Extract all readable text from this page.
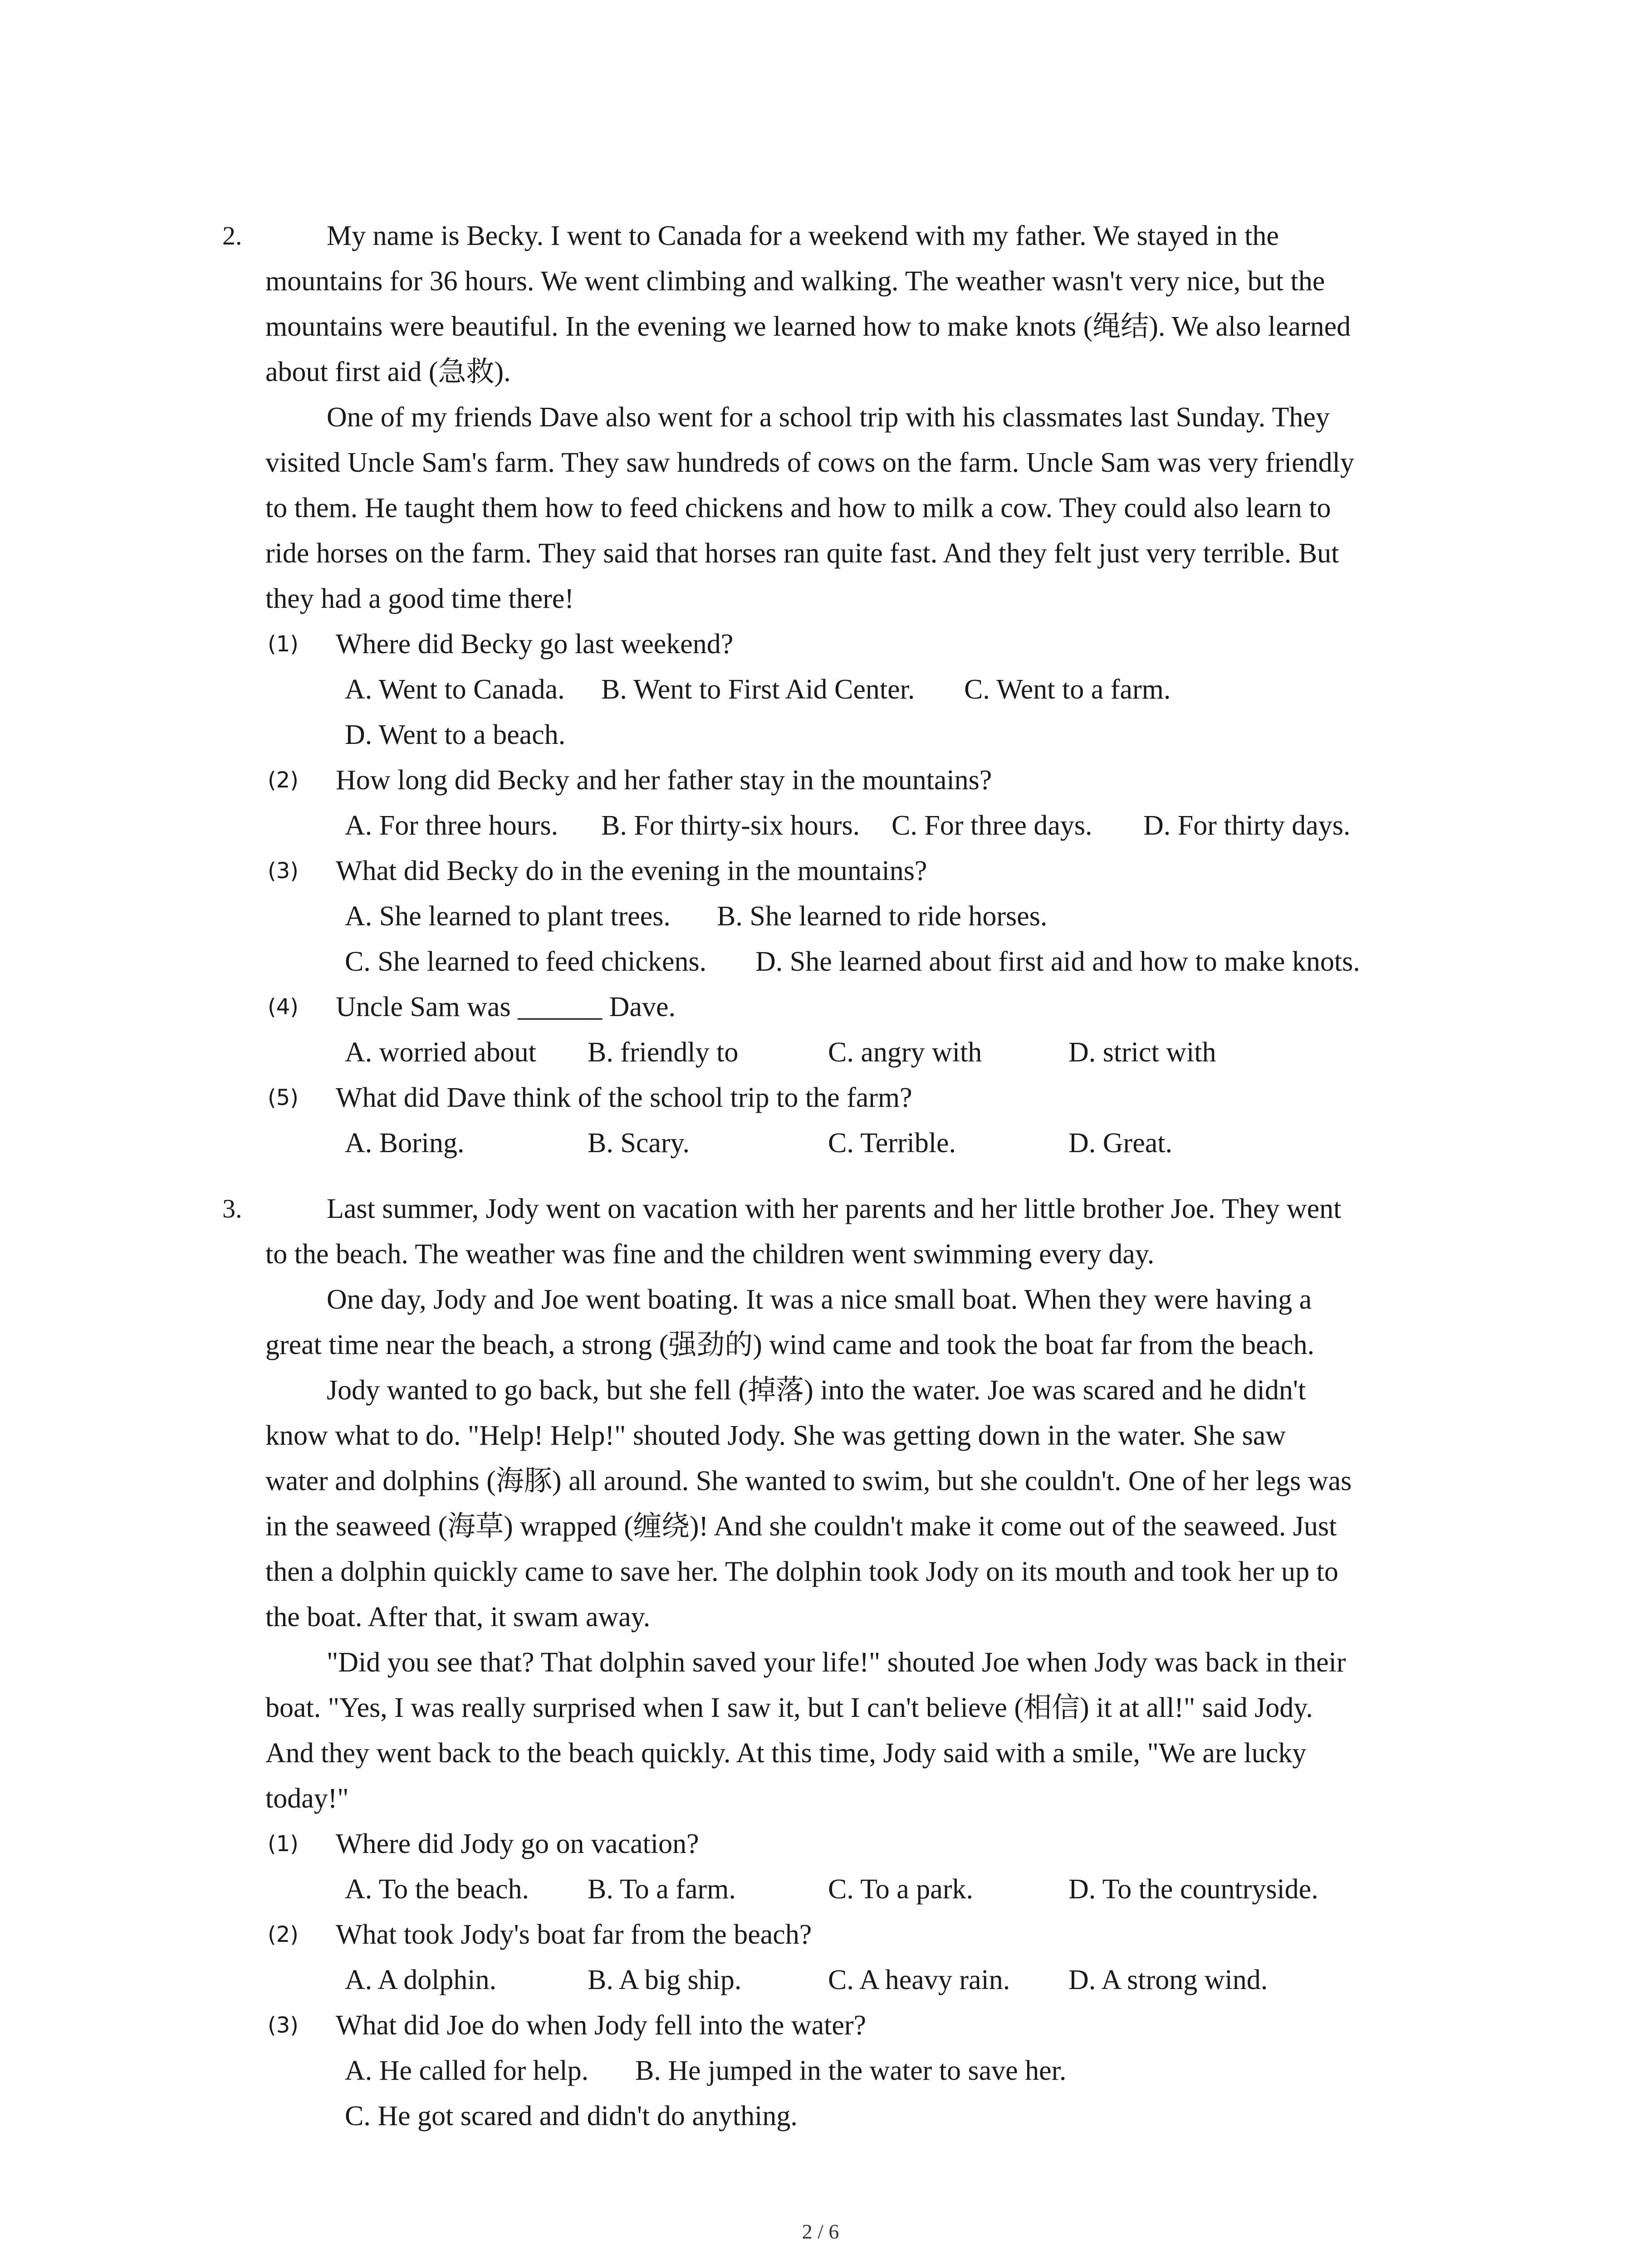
2.	My name is Becky. I went to Canada for a weekend with my father. We stayed in the
mountains for 36 hours. We went climbing and walking. The weather wasn't very nice, but the
mountains were beautiful. In the evening we learned how to make knots (绳结). We also learned
about first aid (急救).
One of my friends Dave also went for a school trip with his classmates last Sunday. They
visited Uncle Sam's farm. They saw hundreds of cows on the farm. Uncle Sam was very friendly
to them. He taught them how to feed chickens and how to milk a cow. They could also learn to
ride horses on the farm. They said that horses ran quite fast. And they felt just very terrible. But
they had a good time there!
(1) Where did Becky go last weekend?
A. Went to Canada. B. Went to First Aid Center. C. Went to a farm.
D. Went to a beach.
(2) How long did Becky and her father stay in the mountains?
A. For three hours. B. For thirty-six hours. C. For three days. D. For thirty days.
(3) What did Becky do in the evening in the mountains?
A. She learned to plant trees. B. She learned to ride horses.
C. She learned to feed chickens. D. She learned about first aid and how to make knots.
(4) Uncle Sam was ______ Dave.
A. worried about B. friendly to	C. angry with	D. strict with
(5) What did Dave think of the school trip to the farm?
A. Boring.	B. Scary.	C. Terrible.	D. Great.
3.	Last summer, Jody went on vacation with her parents and her little brother Joe. They went
to the beach. The weather was fine and the children went swimming every day.
One day, Jody and Joe went boating. It was a nice small boat. When they were having a
great time near the beach, a strong (强劲的) wind came and took the boat far from the beach.
Jody wanted to go back, but she fell (掉落) into the water. Joe was scared and he didn't
know what to do. "Help! Help!" shouted Jody. She was getting down in the water. She saw
water and dolphins (海豚) all around. She wanted to swim, but she couldn't. One of her legs was
in the seaweed (海草) wrapped (缠绕)! And she couldn't make it come out of the seaweed. Just
then a dolphin quickly came to save her. The dolphin took Jody on its mouth and took her up to
the boat. After that, it swam away.
"Did you see that? That dolphin saved your life!" shouted Joe when Jody was back in their
boat. "Yes, I was really surprised when I saw it, but I can't believe (相信) it at all!" said Jody.
And they went back to the beach quickly. At this time, Jody said with a smile, "We are lucky
today!"
(1) Where did Jody go on vacation?
A. To the beach. B. To a farm.	C. To a park.	D. To the countryside.
(2) What took Jody's boat far from the beach?
A. A dolphin.	B. A big ship.	C. A heavy rain. D. A strong wind.
(3) What did Joe do when Jody fell into the water?
A. He called for help. B. He jumped in the water to save her.
C. He got scared and didn't do anything.
2 / 6
